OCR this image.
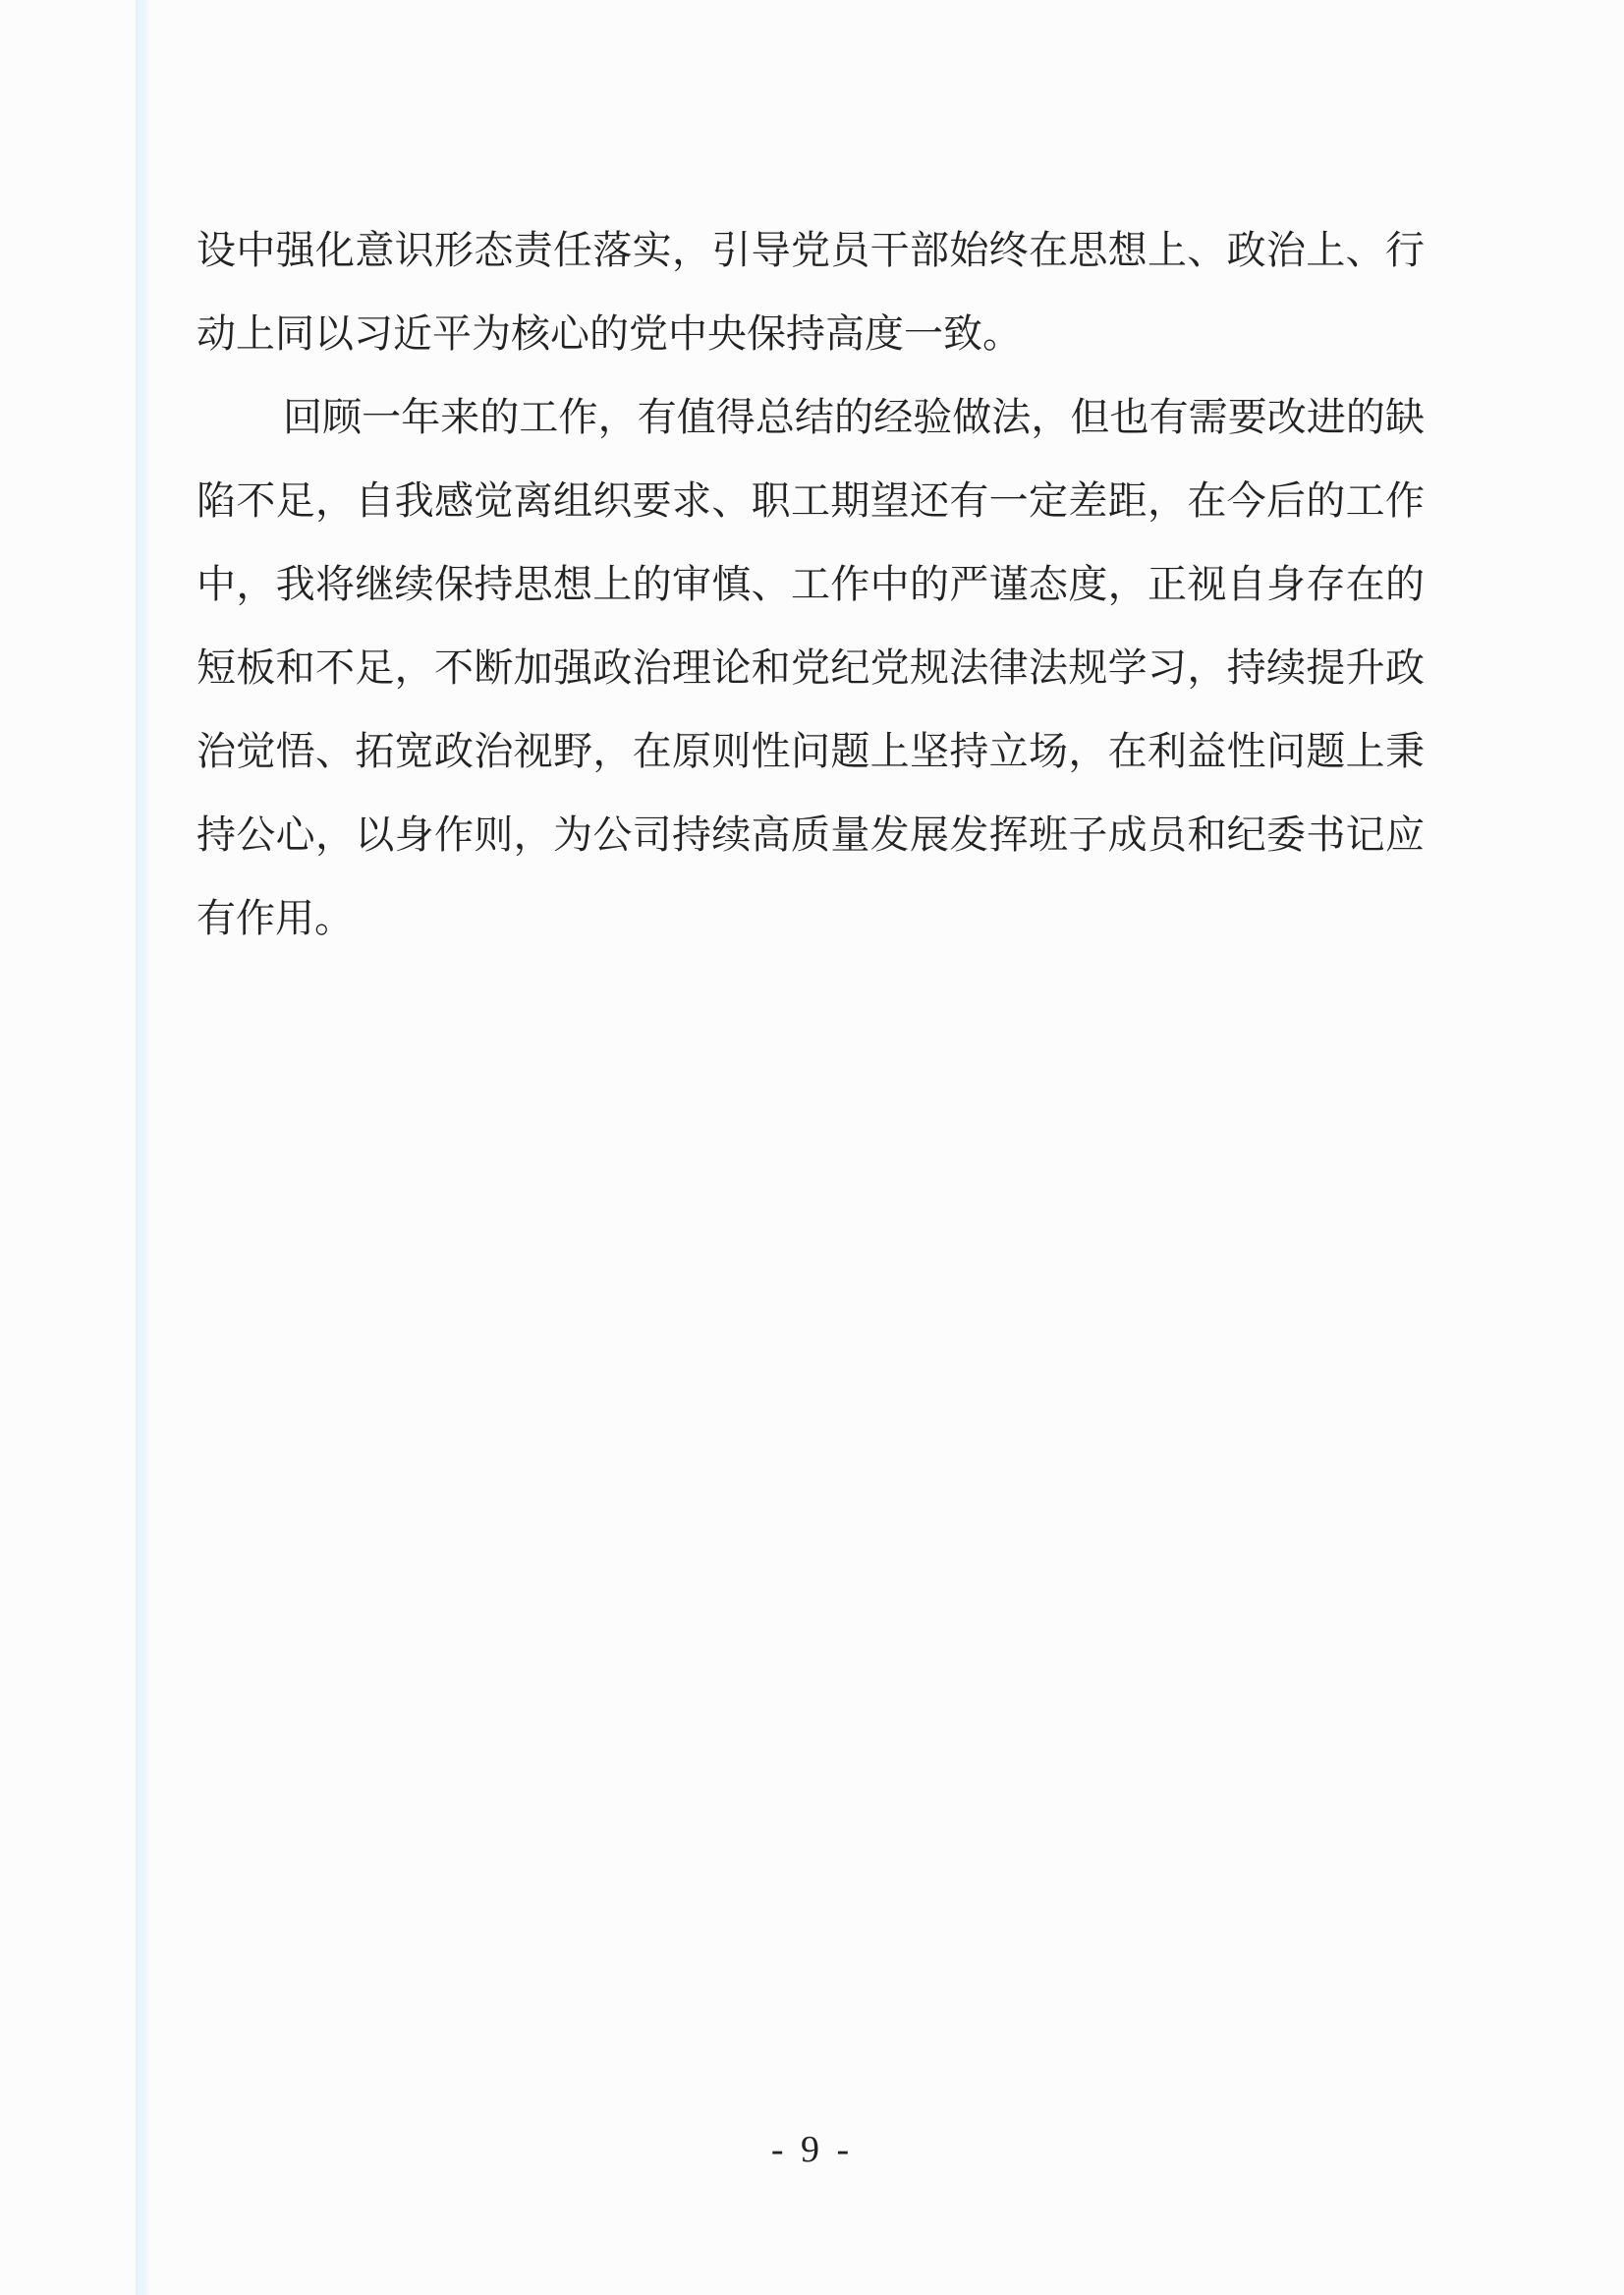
设中强化意识形态责任落实，引导党员干部始终在思想上、政治上、行动上同以习近平为核心的党中央保持高度一致。

回顾一年来的工作，有值得总结的经验做法，但也有需要改进的缺陷不足，自我感觉离组织要求、职工期望还有一定差距，在今后的工作中，我将继续保持思想上的审慎、工作中的严谨态度，正视自身存在的短板和不足，不断加强政治理论和党纪党规法律法规学习，持续提升政治觉悟、拓宽政治视野，在原则性问题上坚持立场，在利益性问题上秉持公心，以身作则，为公司持续高质量发展发挥班子成员和纪委书记应有作用。

- 9 -
